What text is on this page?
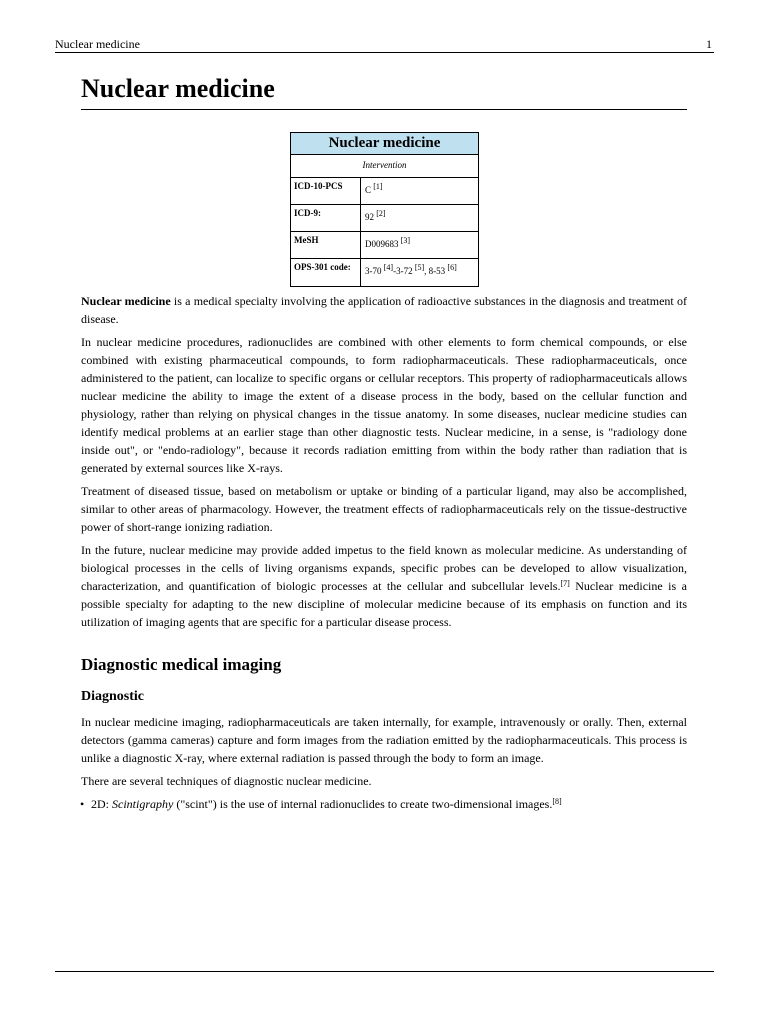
Nuclear medicine	1
Nuclear medicine
Nuclear medicine
Intervention
ICD-10-PCS	C [1]
ICD-9:	92 [2]
MeSH	D009683 [3]
OPS-301 code:	3-70 [4]-3-72 [5], 8-53 [6]

Nuclear medicine is a medical specialty involving the application of radioactive substances in the diagnosis and treatment of disease.

In nuclear medicine procedures, radionuclides are combined with other elements to form chemical compounds, or else combined with existing pharmaceutical compounds, to form radiopharmaceuticals. These radiopharmaceuticals, once administered to the patient, can localize to specific organs or cellular receptors. This property of radiopharmaceuticals allows nuclear medicine the ability to image the extent of a disease process in the body, based on the cellular function and physiology, rather than relying on physical changes in the tissue anatomy. In some diseases, nuclear medicine studies can identify medical problems at an earlier stage than other diagnostic tests. Nuclear medicine, in a sense, is "radiology done inside out", or "endo-radiology", because it records radiation emitting from within the body rather than radiation that is generated by external sources like X-rays.

Treatment of diseased tissue, based on metabolism or uptake or binding of a particular ligand, may also be accomplished, similar to other areas of pharmacology. However, the treatment effects of radiopharmaceuticals rely on the tissue-destructive power of short-range ionizing radiation.

In the future, nuclear medicine may provide added impetus to the field known as molecular medicine. As understanding of biological processes in the cells of living organisms expands, specific probes can be developed to allow visualization, characterization, and quantification of biologic processes at the cellular and subcellular levels.[7] Nuclear medicine is a possible specialty for adapting to the new discipline of molecular medicine because of its emphasis on function and its utilization of imaging agents that are specific for a particular disease process.

Diagnostic medical imaging
Diagnostic

In nuclear medicine imaging, radiopharmaceuticals are taken internally, for example, intravenously or orally. Then, external detectors (gamma cameras) capture and form images from the radiation emitted by the radiopharmaceuticals. This process is unlike a diagnostic X-ray, where external radiation is passed through the body to form an image.

There are several techniques of diagnostic nuclear medicine.

• 2D: Scintigraphy ("scint") is the use of internal radionuclides to create two-dimensional images.[8]
